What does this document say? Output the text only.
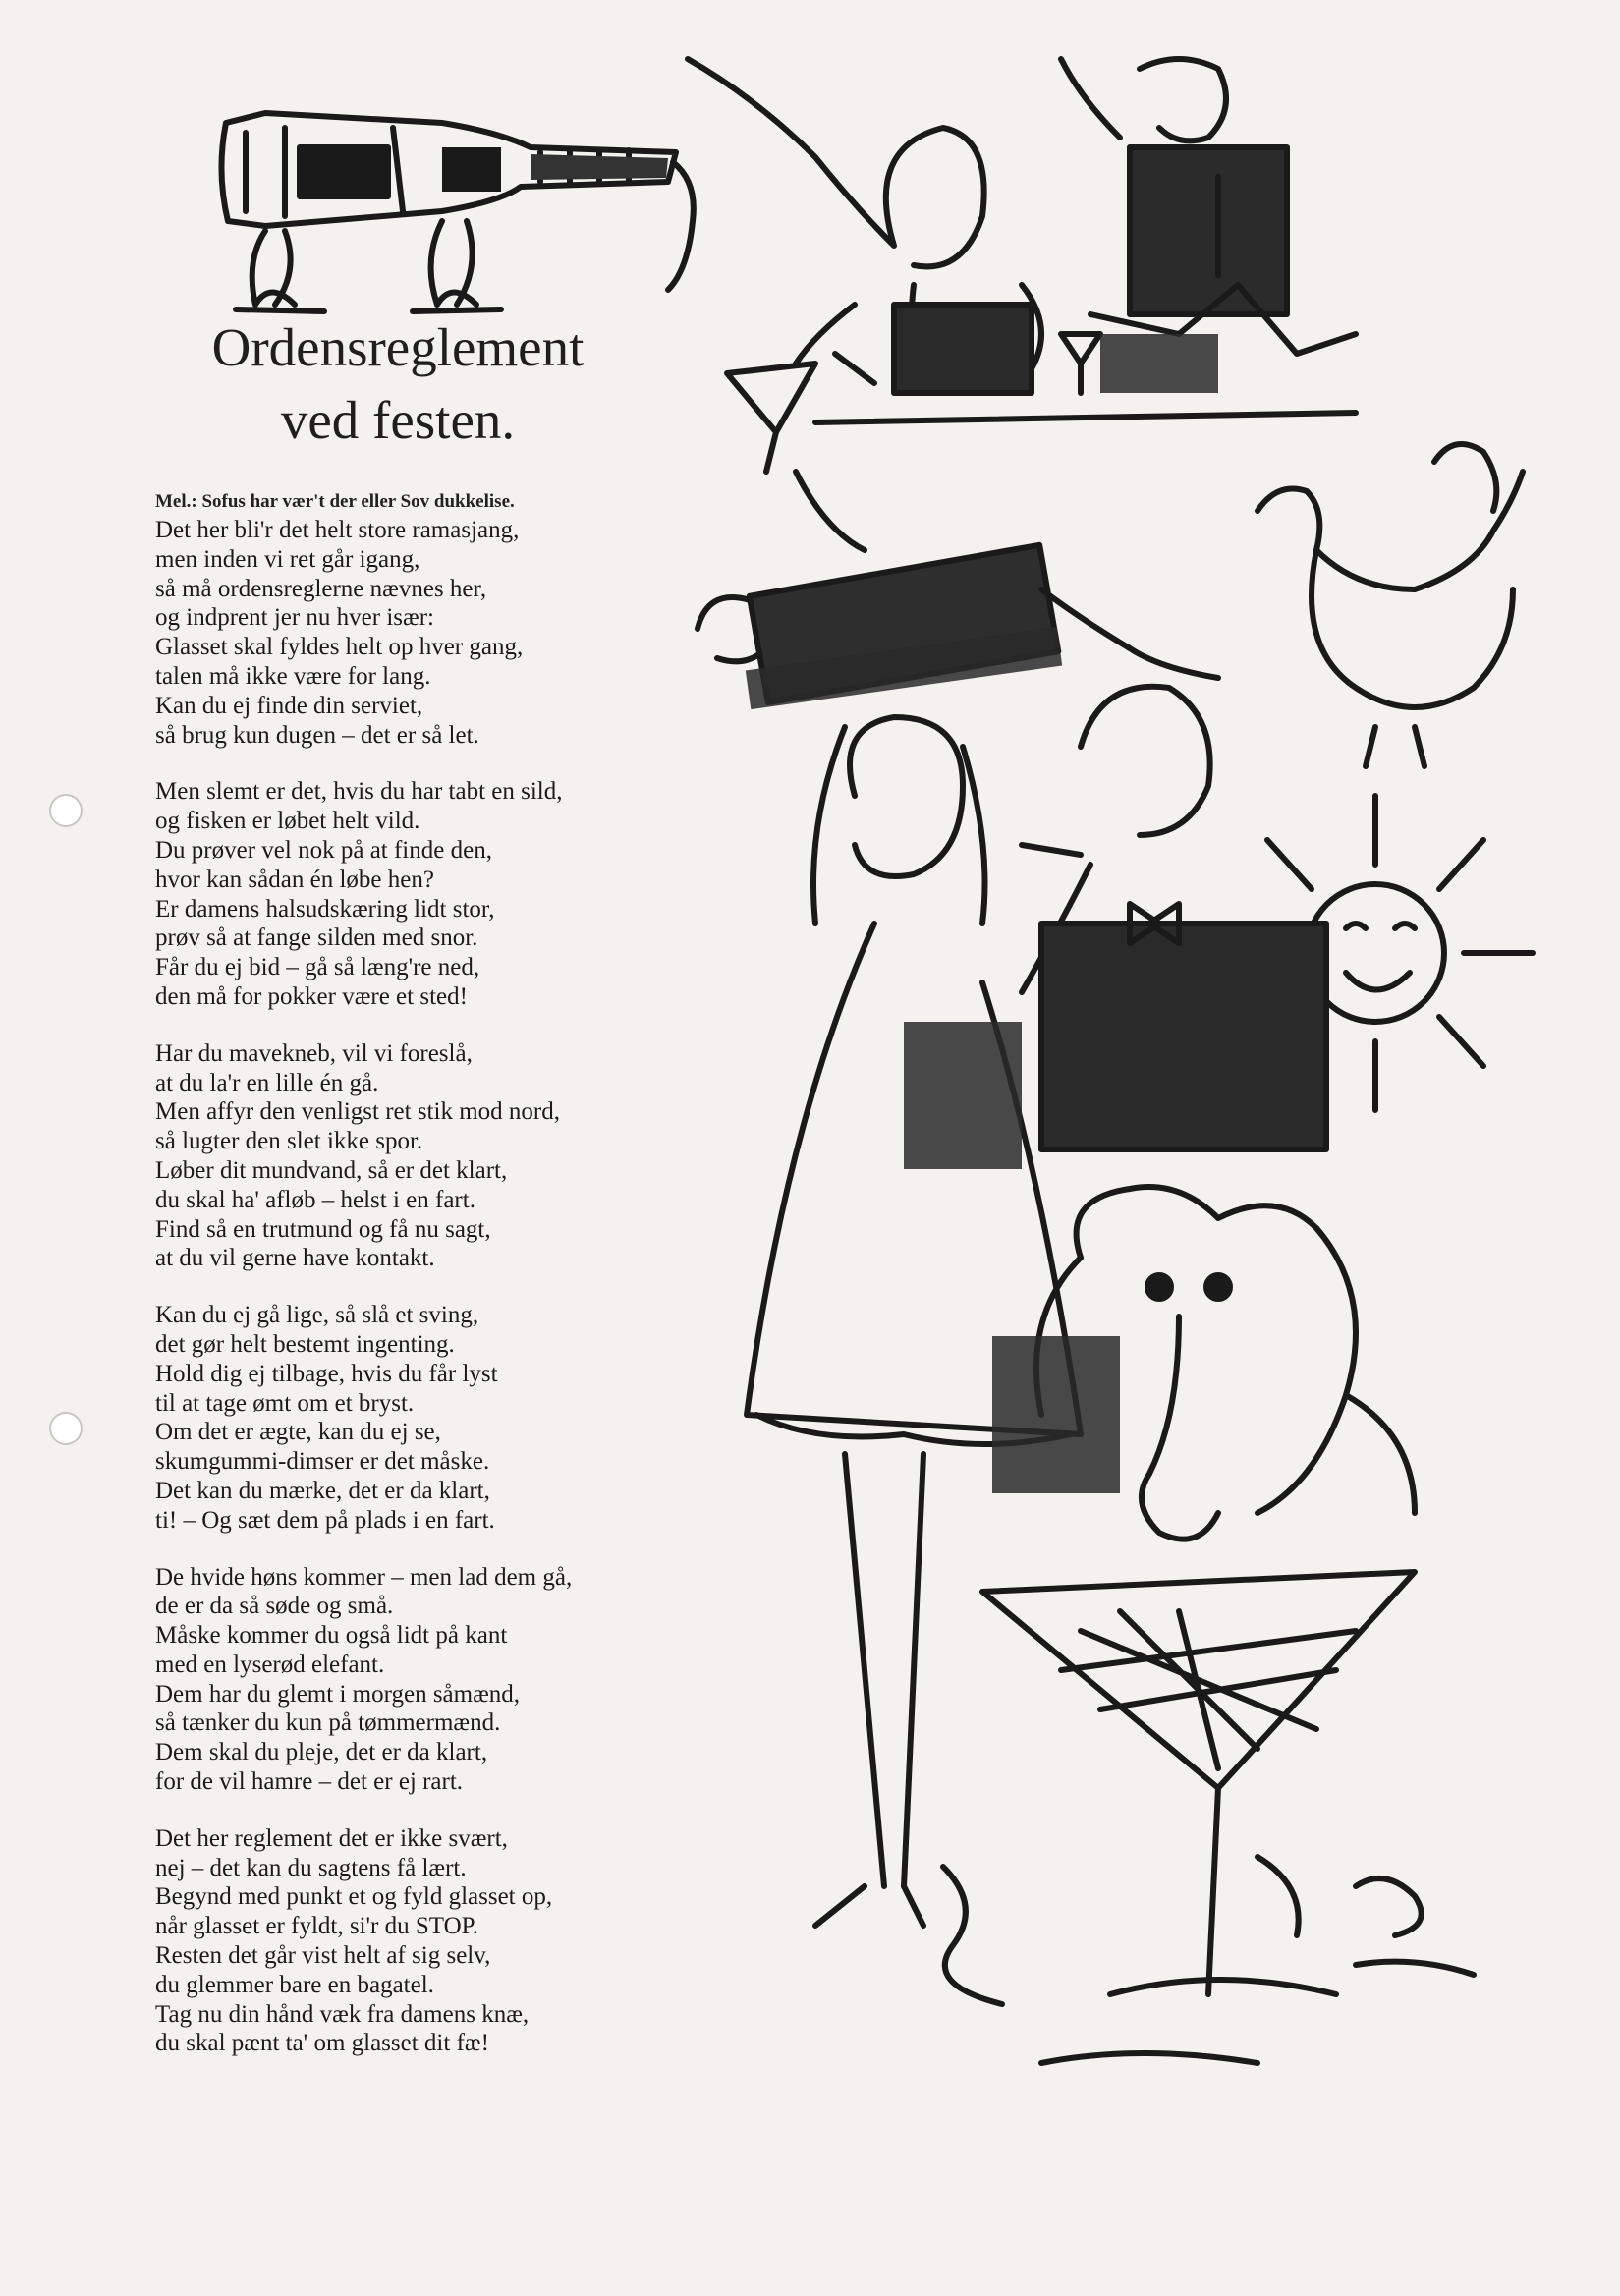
Ordensreglement
ved festen.
Mel.: Sofus har vær't der eller Sov dukkelise.
Det her bli'r det helt store ramasjang,
men inden vi ret går igang,
så må ordensreglerne nævnes her,
og indprent jer nu hver især:
Glasset skal fyldes helt op hver gang,
talen må ikke være for lang.
Kan du ej finde din serviet,
så brug kun dugen – det er så let.
Men slemt er det, hvis du har tabt en sild,
og fisken er løbet helt vild.
Du prøver vel nok på at finde den,
hvor kan sådan én løbe hen?
Er damens halsudskæring lidt stor,
prøv så at fange silden med snor.
Får du ej bid – gå så læng're ned,
den må for pokker være et sted!
Har du mavekneb, vil vi foreslå,
at du la'r en lille én gå.
Men affyr den venligst ret stik mod nord,
så lugter den slet ikke spor.
Løber dit mundvand, så er det klart,
du skal ha' afløb – helst i en fart.
Find så en trutmund og få nu sagt,
at du vil gerne have kontakt.
Kan du ej gå lige, så slå et sving,
det gør helt bestemt ingenting.
Hold dig ej tilbage, hvis du får lyst
til at tage ømt om et bryst.
Om det er ægte, kan du ej se,
skumgummi-dimser er det måske.
Det kan du mærke, det er da klart,
ti! – Og sæt dem på plads i en fart.
De hvide høns kommer – men lad dem gå,
de er da så søde og små.
Måske kommer du også lidt på kant
med en lyserød elefant.
Dem har du glemt i morgen såmænd,
så tænker du kun på tømmermænd.
Dem skal du pleje, det er da klart,
for de vil hamre – det er ej rart.
Det her reglement det er ikke svært,
nej – det kan du sagtens få lært.
Begynd med punkt et og fyld glasset op,
når glasset er fyldt, si'r du STOP.
Resten det går vist helt af sig selv,
du glemmer bare en bagatel.
Tag nu din hånd væk fra damens knæ,
du skal pænt ta' om glasset dit fæ!
